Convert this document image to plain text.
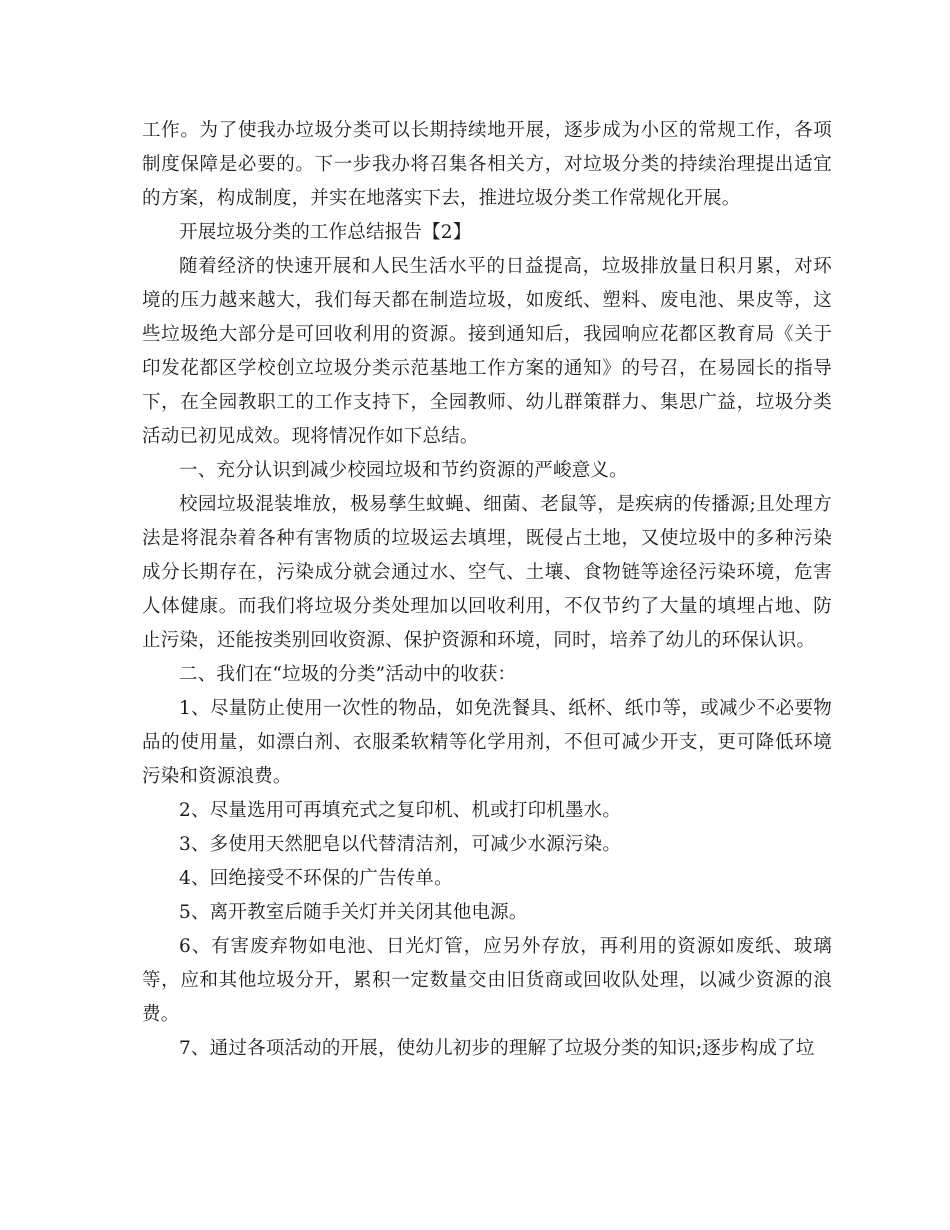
工作。为了使我办垃圾分类可以长期持续地开展，逐步成为小区的常规工作，各项制度保障是必要的。下一步我办将召集各相关方，对垃圾分类的持续治理提出适宜的方案，构成制度，并实在地落实下去，推进垃圾分类工作常规化开展。

开展垃圾分类的工作总结报告【2】

随着经济的快速开展和人民生活水平的日益提高，垃圾排放量日积月累，对环境的压力越来越大，我们每天都在制造垃圾，如废纸、塑料、废电池、果皮等，这些垃圾绝大部分是可回收利用的资源。接到通知后，我园响应花都区教育局《关于印发花都区学校创立垃圾分类示范基地工作方案的通知》的号召，在易园长的指导下，在全园教职工的工作支持下，全园教师、幼儿群策群力、集思广益，垃圾分类活动已初见成效。现将情况作如下总结。

一、充分认识到减少校园垃圾和节约资源的严峻意义。

校园垃圾混装堆放，极易孳生蚊蝇、细菌、老鼠等，是疾病的传播源;且处理方法是将混杂着各种有害物质的垃圾运去填埋，既侵占土地，又使垃圾中的多种污染成分长期存在，污染成分就会通过水、空气、土壤、食物链等途径污染环境，危害人体健康。而我们将垃圾分类处理加以回收利用，不仅节约了大量的填埋占地、防止污染，还能按类别回收资源、保护资源和环境，同时，培养了幼儿的环保认识。

二、我们在“垃圾的分类”活动中的收获：

1、尽量防止使用一次性的物品，如免洗餐具、纸杯、纸巾等，或减少不必要物品的使用量，如漂白剂、衣服柔软精等化学用剂，不但可减少开支，更可降低环境污染和资源浪费。

2、尽量选用可再填充式之复印机、机或打印机墨水。

3、多使用天然肥皂以代替清洁剂，可减少水源污染。

4、回绝接受不环保的广告传单。

5、离开教室后随手关灯并关闭其他电源。

6、有害废弃物如电池、日光灯管，应另外存放，再利用的资源如废纸、玻璃等，应和其他垃圾分开，累积一定数量交由旧货商或回收队处理，以减少资源的浪费。

7、通过各项活动的开展，使幼儿初步的理解了垃圾分类的知识;逐步构成了垃
